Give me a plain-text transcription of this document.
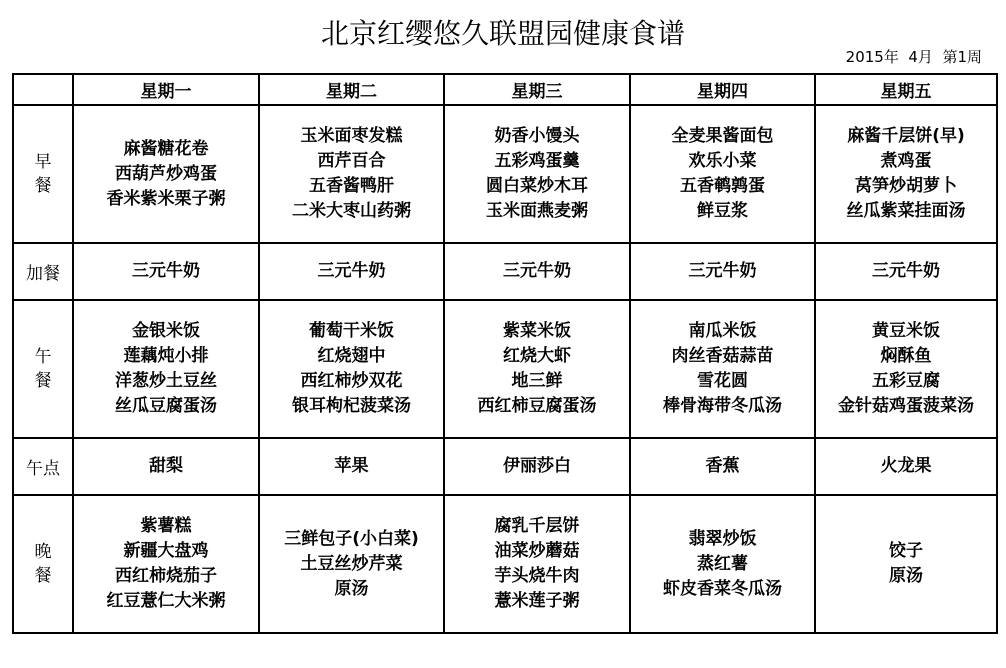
北京红缨悠久联盟园健康食谱
2015年  4月  第1周
	星期一	星期二	星期三	星期四	星期五

早
餐	麻酱糖花卷
西葫芦炒鸡蛋
香米紫米栗子粥	玉米面枣发糕
西芹百合
五香酱鸭肝
二米大枣山药粥	奶香小馒头
五彩鸡蛋羹
圆白菜炒木耳
玉米面燕麦粥	全麦果酱面包
欢乐小菜
五香鹌鹑蛋
鲜豆浆	麻酱千层饼(早)
煮鸡蛋
莴笋炒胡萝卜
丝瓜紫菜挂面汤

加餐	三元牛奶	三元牛奶	三元牛奶	三元牛奶	三元牛奶

午
餐	金银米饭
莲藕炖小排
洋葱炒土豆丝
丝瓜豆腐蛋汤	葡萄干米饭
红烧翅中
西红柿炒双花
银耳枸杞菠菜汤	紫菜米饭
红烧大虾
地三鲜
西红柿豆腐蛋汤	南瓜米饭
肉丝香菇蒜苗
雪花圆
棒骨海带冬瓜汤	黄豆米饭
焖酥鱼
五彩豆腐
金针菇鸡蛋菠菜汤

午点	甜梨	苹果	伊丽莎白	香蕉	火龙果

晚
餐	紫薯糕
新疆大盘鸡
西红柿烧茄子
红豆薏仁大米粥	三鲜包子(小白菜)
土豆丝炒芹菜
原汤	腐乳千层饼
油菜炒蘑菇
芋头烧牛肉
薏米莲子粥	翡翠炒饭
蒸红薯
虾皮香菜冬瓜汤	饺子
原汤
